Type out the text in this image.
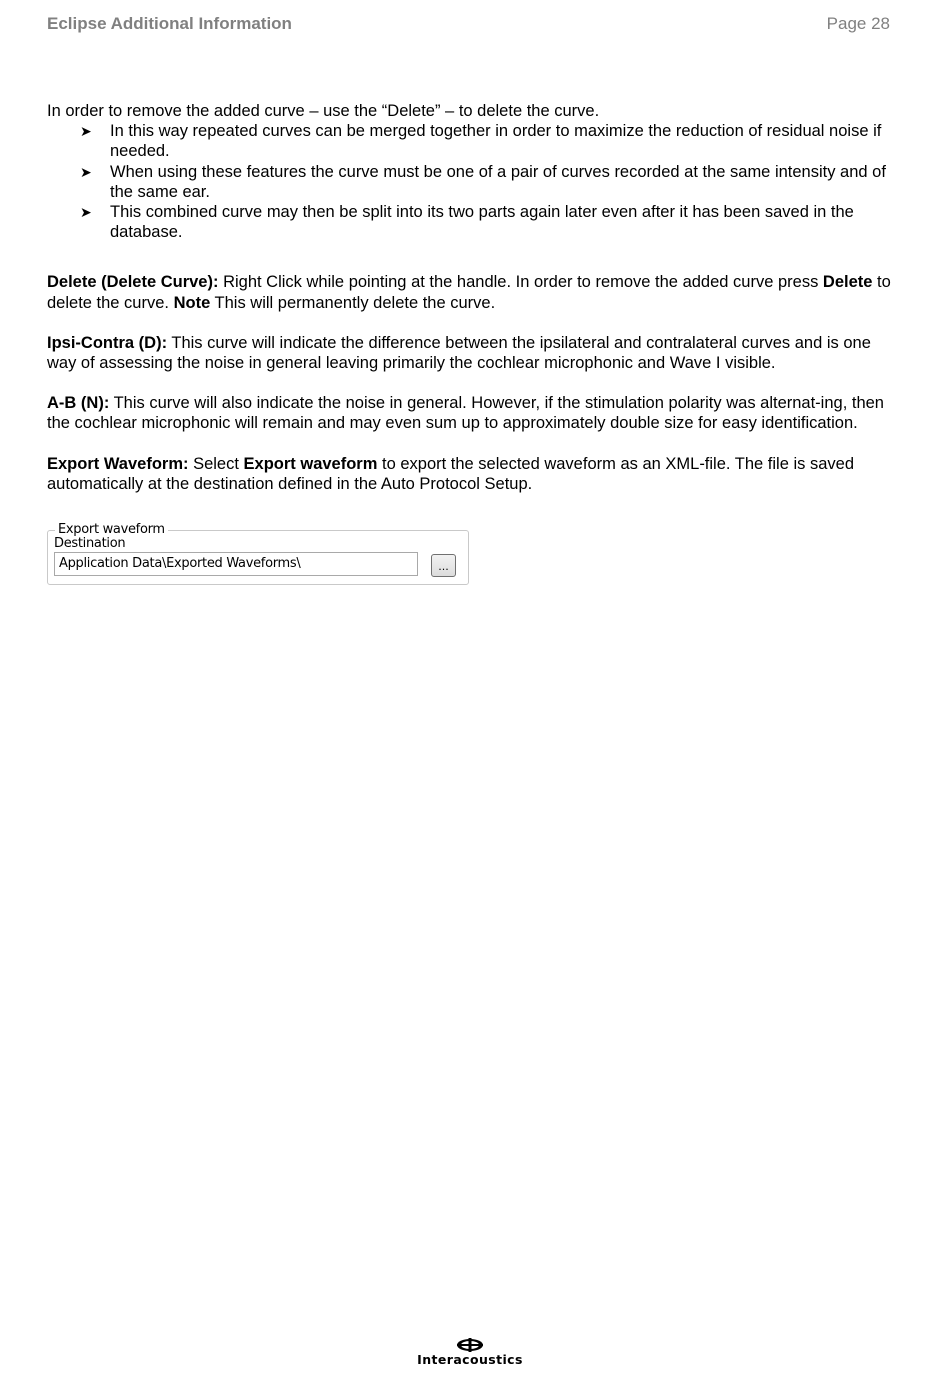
Eclipse Additional Information	Page 28

In order to remove the added curve – use the “Delete” – to delete the curve.

➤ In this way repeated curves can be merged together in order to maximize the reduction of residual noise if needed.
➤ When using these features the curve must be one of a pair of curves recorded at the same intensity and of the same ear.
➤ This combined curve may then be split into its two parts again later even after it has been saved in the database.

Delete (Delete Curve): Right Click while pointing at the handle. In order to remove the added curve press Delete to delete the curve. Note This will permanently delete the curve.

Ipsi-Contra (D): This curve will indicate the difference between the ipsilateral and contralateral curves and is one way of assessing the noise in general leaving primarily the cochlear microphonic and Wave I visible.

A-B (N): This curve will also indicate the noise in general. However, if the stimulation polarity was alternat-ing, then the cochlear microphonic will remain and may even sum up to approximately double size for easy identification.

Export Waveform: Select Export waveform to export the selected waveform as an XML-file. The file is saved automatically at the destination defined in the Auto Protocol Setup.

Export waveform
Destination
Application Data\Exported Waveforms\	...
Interacoustics
